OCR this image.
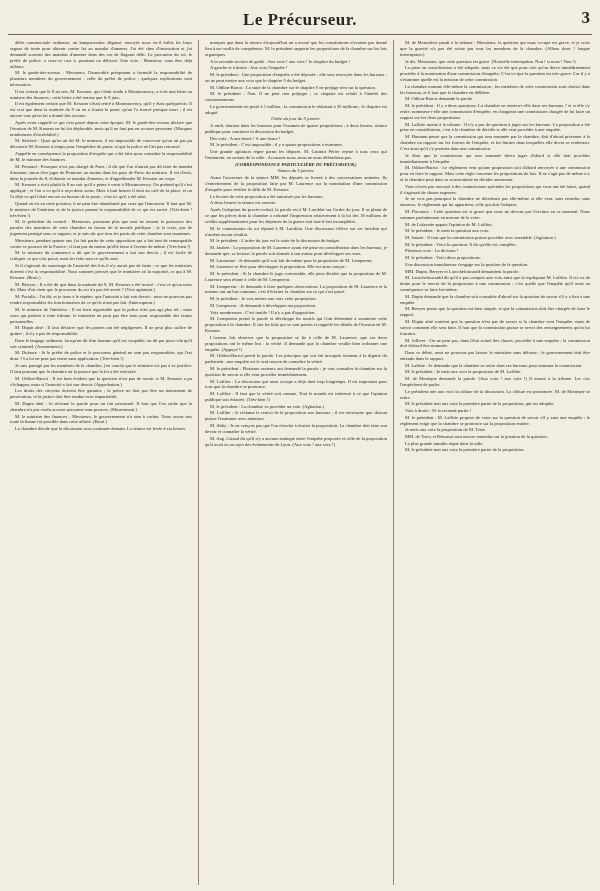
Le Précurseur.	3

dèles commerciale ordinaire, un banqueroutier déguisé, envoyés nous ea-il faillis les huys segeaz de toute pour obtenir contre loi au mandat d'amener. J'ai été chez d'instruction et j'ai demandé souvent des mandats d'amener dans des cas de flagrant délit. Le procureur du roi, le préfet de police, a ceux-ce cast à, pourtant ou délivrer. Une voix : Monsieur, vous êtes déjà ailleurs.

M. le garde-des-sceaux : Messieurs, l'honorable préopinant a formulé la responsabilité de plusieurs membres du gouvernement ; celle du préfet de police ; quelques explications sont nécessaires.

Il est certain que le 8 au soir, M. Kessner, qui s'était rendu à Montmorency, a écrit une lettre au ministre des finances ; cette lettre a été remise que le 9 juin.

Il est également certain que M. Kessner s'était retiré à Montmorency, qu'il y était quelquefois. Il est vrai que dans la matinée du 9 on en a fourni la poste, qu'on l'a trouvé presque mort ; il est encore vrai qu'on lui a donné des secours.

Après avoir rappelé ce qui s'est passé depuis cette époque, M. le garde-des-sceaux déclare que l'évasion de M. Kessner ne lui fut déplorable, mais qu'il ne faut pas en accuser personne. (Marques nombreuses d'incrédulité.)

M. Salverte : Quoi qu'en ait dit M. le ministre, il est impossible de concevoir qu'on ait pas pu découvrir M. Kessner à temps pour l'empêcher de partir, et que la police ne l'ait pas retrouvé.

J'appelle en conséquence la proposition d'enquête qui a été faite pour connaître la responsabilité de M. le ministre des finances.

M. Fernand : Pourquoi n'est pas chargé de Paris ; il dit que l'on n'aurait pas dû faire de mandat d'amener, sinon d'en juger de Pontoise, au moins dans les pays de Paris, du ministre. Il est d'avis, dans la journée du 8, d'obtenir ce mandat d'amener, et d'appréhender M. Kessner au corps.

M. Kessner a écrit plutôt le 8 au soir qu'il a peine à venir à Montmorency. On prétend qu'il s'est appliqué ; et l'on a vu qu'il a reçu deux soins. Mais à huit heures il était au café de la place, et on l'a déjà vu qu'il était encore au bureau de la poste ; c'est ici qu'il a été saisi.

Quand on est en cette position, il ne peut être abandonné par ceux qui l'entourent. Il faut que M. le ministre de l'intérieur et de la justice prenne la responsabilité de ce qui est arrivé. (Très-bien ! très-bien !)

M. le président du conseil : Messieurs, personne plus que moi ne ressent la puissance des paroles des membres de cette chambre en faveur de la morale publique ; je la crois, pas de jugement partagé sous ce rapport, et je suis sûr que tous les partis de cette chambre sont unanimes.

Messieurs, pendant quinze ans j'ai fait partie de cette opposition qui a fait tant de remarquable contre ce pouvoir de la France ; il faut pas du moins qu'elle fasse à l'avenir de même. (Très-bien !)

M. le ministre du commerce a dit que le gouvernement a fait son devoir ; il est facile de critiquer ce qui s'est passé, mais les faits sont ce qu'ils sont.

Si il s'agissait du sauvetage de l'autorité des lois il n'y aurait pas de faute ; ce que les ministres doivent c'est la responsabilité. Nous sommes pressés que le ministère ait la majorité, ce qui à M. Kessner. (Bruit.)

M. Bérryer : Il a été dit que dans la matinée du 9, M. Kessner a été trouvé : c'est ce qu'on nous dit. Mais d'où vient que le procureur du roi n'a pas été averti ? (Vive agitation.)

M. Portalis : J'ai dit, et je tiens à le répéter, que l'autorité a fait son devoir ; nous ne pouvons pas rendre responsables les fonctionnaires de ce qu'ils n'ont pas fait. (Interruption.)

M. le ministre de l'intérieur : Il est bien regrettable que la police n'ait pas agi plus tôt ; mais ceux qui parlent à cette tribune, le ministère ne peut pas être tenu pour responsable des fautes personnelles.

M. Dupin aîné : Il faut déclarer que les parties ont été négligentes. Il ne peut plus suffire de quitter ; il n'y a pas de responsabilité.

Dans le langage ordinaire, lorsqu'un dit d'un homme qu'il est coupable, on dit par pour cela qu'il soit criminel. (Assentiment.)

M. Dufaure : Si le préfet de police et le procureur général ne sont pas responsables, qui l'est donc ? La loi ne peut pas rester sans application. (Très-bien !)

Je suis partagé par les membres de la chambre, j'en conclu que le ministre n'a pas à se justifier. Il faut pourtant que la chambre ait la preuve que la loi a été exécutée.

M. Odilon-Barrot : Il est bien évident que la question n'est pas de savoir si M. Kessner a pu s'échapper, mais si l'autorité a fait son devoir. (Approbation.)

Les droits des citoyens doivent être garantis ; la police ne doit pas être un instrument de persécution, et la justice doit être rendue avec impartialité.

M. Dupin aîné : Je réclame la parole pour un fait personnel. Il faut que l'on sache que la chambre n'a pas voulu accuser personne sans preuves. (Mouvement.)

M. le ministre des finances : Messieurs, le gouvernement n'a rien à cacher. Nous avons mis toute la bonne foi possible dans cette affaire. (Bruit.)

La chambre décide que la discussion sera continuée demain. La séance est levée à six heures.

marquer que dans la séance d'aujourd'hui on a avoué que les constitutions n'avaient pas donné lieu à un conflit de compétence. M. le président rapporte les propositions de la chambre sur les lois organiques.

A la seconde section de garde : Aux voix ! aux voix ! le chapitre du budget !

A gauche et à droite : Aux voix l'enquête !

M. le président : Une proposition d'enquête a été déposée ; elle sera renvoyée dans les bureaux ; on ne peut mettre aux voix que le chapitre 5 du budget.

M. Odilon-Barrot : La suite de la chambre sur le chapitre 5 ne préjuge rien sur la question.

M. le président : Non. Il ne peut rien préjuger ; ce chapitre est relatif à l'intérêt des cautionnements.

Le gouvernement est porté à 1 million ; la commission le réduisait à 35 millions ; le chapitre est adopté.

Ordre du jour du 5 janvier.

A midi, réunion dans les bureaux pour l'examen de quatre propositions ; à deux heures, séance publique pour continuer la discussion du budget.

Des voix : A une heure ! A une heure !

M. le président : C'est impossible ; il y a quatre propositions à examiner.

Une grande agitation règne parmi les députés. M. Casimir Périer rejette à tous ceux qui l'entourent, en sortant de la salle : Accusons-nous, nous ne nous défendrons pas.

(CORRESPONDANCE PARTICULIÈRE DU PRÉCURSEUR.)

Séance du 5 janvier.

Avant l'ouverture de la séance MM. les députés se livrent à des conversations animées. Ils s'entretiennent de la proposition faite par M. Laurence sur la nomination d'une commission d'enquête pour vérifier le délit de M. Kessner.

La lecture de cette proposition a été autorisée par les bureaux.

A deux heures la séance est ouverte.

Après l'adoption du procès-verbal, la parole est à M. Laroblat sur l'ordre du jour. Il se plaint de ce que les pièces dont la chambre a ordonné l'impression relativement à la loi des 18 millions de crédits supplémentaires pour les dépenses de la guerre soit tout-à-fait incomplètes.

M. le commissaire du roi répond à M. Laroblat. Une discussion s'élève sur cet incident qui n'amène aucun résultat.

M. le président : L'ordre du jour est la suite de la discussion du budget.

M. Jaubert : La proposition de M. Laurence ayant été prise en considération dans les bureaux, je demande que, sa lecture, la parole soit donnée à son auteur pour développer ses vues.

M. Lamartine : Je demande qu'il soit fait de même pour la proposition de M. Lempereur.

M. Laurence se lève pour développer la proposition. Elle est ainsi conçue :

M. le président : Si la chambre le juge convenable, elle peut décider que la proposition de M. Laurence sera réunie à celle de M. Lempereur.

M. Lempereur : Je demande à faire quelques observations. La proposition de M. Laurence et la mienne ont un but commun, c'est d'éclairer la chambre sur ce qui s'est passé.

M. le président : Je vais mettre aux voix cette proposition.

M. Lempereur : Je demande à développer ma proposition.

Voix nombreuses : C'est inutile ! Il n'y a pas d'opposition.

M. Lempereur prend la parole et développe les motifs qui l'ont déterminé à soumettre cette proposition à la chambre. Il cite les faits qui se sont passés et rappelle les détails de l'évasion de M. Kessner.

L'orateur fait observer que la proposition se lie à celle de M. Laurence, que ces deux propositions ont le même but : la vérité. Il demande que la chambre veuille bien ordonner une enquête. (Appuyé !)

M. Odilon-Barrot prend la parole. Les principes qui ont été invoqués tiennent à la dignité du parlement ; une enquête est le seul moyen de connaître la vérité.

M. le président : Plusieurs orateurs ont demandé la parole ; je vais consulter la chambre sur la question de savoir si elle veut procéder immédiatement.

M. Laffitte : La discussion qui nous occupe a déjà duré trop longtemps. Il est important pour tous que la chambre se prononce.

M. Laffitte : Il faut que la vérité soit connue. Tout le monde est intéressé à ce que l'opinion publique soit éclairée. (Très-bien !)

M. le président : La chambre va procéder au vote. (Agitation.)

M. Laffitte : Je réclame le renvoi de la proposition aux bureaux ; il est nécessaire que chacun puisse l'examiner avec attention.

M. Abby : Je ne conçois pas que l'on cherche à écarter la proposition. La chambre doit faire son devoir et connaître la vérité.

M. Ang. Giraud dit qu'il n'y a aucune analogie entre l'enquête proposée et celle de la proposition qu'il avait eu au sujet des événements de Lyon. (Aux voix ! aux voix !)

M. de Montalivet paraît à la tribune : Messieurs, la question qui nous occupe est grave, et je crois que la gravité n'a pas été saisie par tous les membres de la chambre. (Allons donc ! longue interruption.)

Je dis, Messieurs, que cette question est grave. (Nouvelle interruption. Non ! si nous ! Non !)

La prise en considération a été adoptée, mais ce n'a été que pour cela qu'on doive immédiatement procéder à la nomination d'une commission d'enquête. C'est ici que la question est très-grave. Car il y a s'examiner quelle est la mission de cette commission.

La chambre nomme elle-même la commission ; les membres de cette commission sont choisis dans les bureaux, et il faut que la chambre en délibère.

M. Odilon-Barrot demande la parole.

M. le président : Il y a deux questions. La chambre se retirera-t-elle dans ses bureaux ? et si elle s'y retire, nommera-t-elle une commission d'enquête, en chargeant une commission chargée de lui faire un rapport sur les deux propositions.

M. Laffitte monte à la tribune : Il n'y a pas de question à juger sur les bureaux. La proposition a été prise en considération, c'est à la chambre de décider si elle veut procéder à une enquête.

M. Humann pense que la commission qui sera nommée par la chambre, doit d'abord présenter à la chambre un rapport sur les formes de l'enquête, et les limites dans lesquelles elle devra se renfermer. C'est ainsi qu'il s'y prendra dans une commission.

Je dirai que la commission qui sera nommée devra juger d'abord si elle doit procéder immédiatement à l'enquête.

M. Odilon-Barrot : Le règlement veut qu'une proposition soit d'abord renvoyée à une commission pour en faire le rapport. Mais cette règle concerne les propositions de lois. Il ne s'agit pas de même ici, et la chambre peut dans sa souveraineté en décider autrement.

Vous n'avez pas renvoyé à des commissions spéciales les propositions qui vous ont été faites, quand il s'agissait de choses urgentes.

Je ne vois pas pourquoi la chambre ne déciderait pas elle-même si elle veut, sans retarder, sans entraves, le règlement qui lui appartient, celle qui doit l'adopter.

M. Piscatory : Cette question est si grave que nous ne devons pas l'exclure en ce moment. Nous sommes parfaitement en mesure de la voter.

M. de Lafayette appuie l'opinion de M. Laffitte.

M. le président : Je mets la question aux voix.

M. Sauzet : Il faut que la commission puisse procéder avec ensemble. (Agitation.)

M. le président : Voici la question. Il dit qu'elle est complète.

Plusieurs voix : La division !

M. le président : Voici deux propositions.

Une discussion tumultueuse s'engage sur la position de la question.

MM. Dupin, Berryer et Larochefoucauld demandent la parole.

M. Larochefoucauld dit qu'il a pas compris une voix ainsi que la expliquant M. Laffitte. Il n'a vu de doute pour le renvoi de la proposition à une commission ; c'est quelle que l'enquête qu'il avait en conséquence se faire lui-même.

M. Dupin demande que la chambre soit consultée d'abord sur la question de savoir s'il y a lieu à une enquête.

M. Berryer pense que la question est bien simple, et que la commission doit être chargée de faire le rapport.

M. Dupin aîné soutient que la question n'est pas de savoir si la chambre veut l'enquête, mais de savoir comment elle sera faite. Il faut que la commission puisse se servir des renseignements qu'on lui fournira.

M. Jollivet : On ne peut pas, dans l'état actuel des choses, procéder à une enquête ; la commission doit d'abord être nommée.

Dans ce débat, nous ne pouvons pas laisser le ministère sans défense ; le gouvernement doit être entendu dans le rapport.

M. Laffitte : Je demande que la chambre se retire dans ses bureaux pour nommer la commission.

M. le président : Je mets aux voix la proposition de M. Laffitte.

M. de Montepie demande la parole. (Aux voix ! aux voix !) Il monte à la tribune. Les cris l'empêchent de parler.

Le président met aux voix la clôture de la discussion. La clôture est prononcée. M. de Montepie se retire.

M. le président met aux voix la première partie de la proposition, qui est adoptée.

Voix à droite : Et la seconde partie !

M. le président : M. Laffitte propose de voter sur la question de savoir s'il y aura une enquête ; le règlement exige que la chambre se prononce sur la proposition entière.

Je mets aux voix la proposition de M. Teste.

MM. de Tracy et Rémusat sont encore entendus sur la position de la question.

La plus grande tumulte règne dans la salle.

M. le président met aux voix la première partie de la proposition.
